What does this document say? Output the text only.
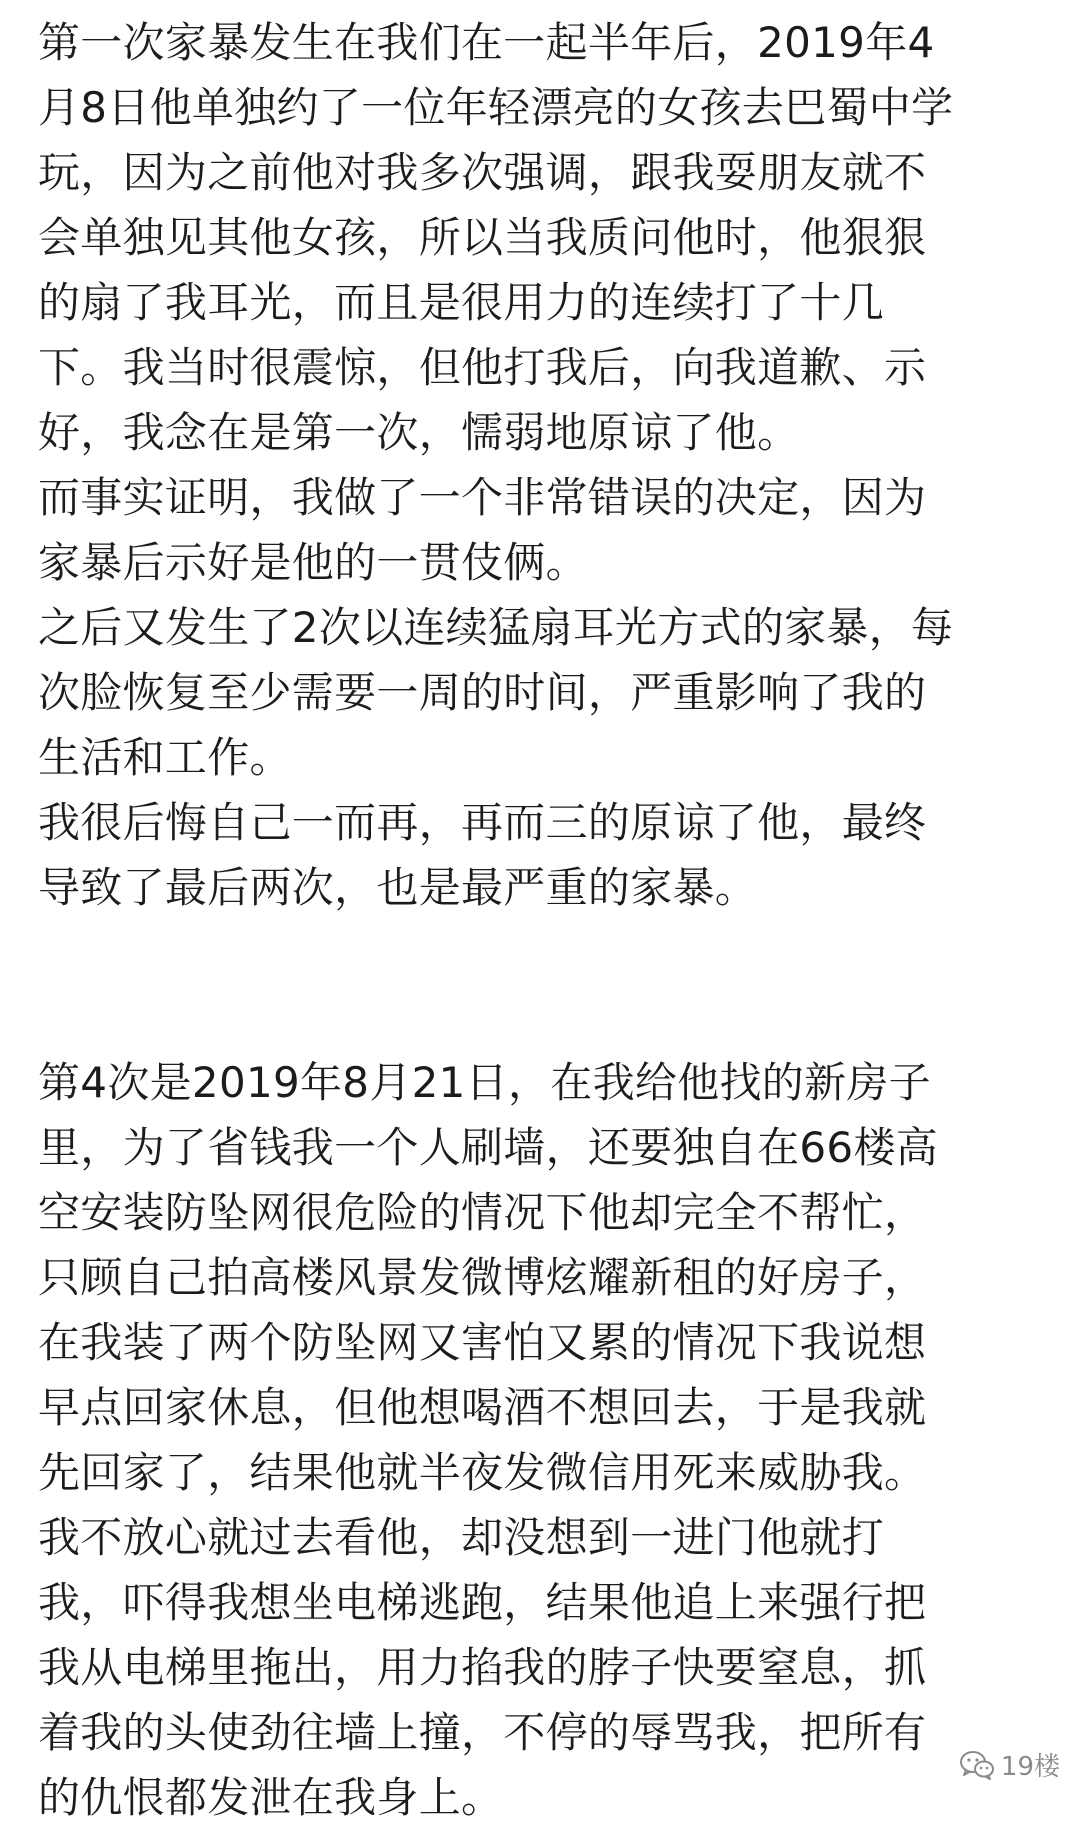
第一次家暴发生在我们在一起半年后，2019年4
月8日他单独约了一位年轻漂亮的女孩去巴蜀中学
玩，因为之前他对我多次强调，跟我耍朋友就不
会单独见其他女孩，所以当我质问他时，他狠狠
的扇了我耳光，而且是很用力的连续打了十几
下。我当时很震惊，但他打我后，向我道歉、示
好，我念在是第一次，懦弱地原谅了他。

而事实证明，我做了一个非常错误的决定，因为
家暴后示好是他的一贯伎俩。

之后又发生了2次以连续猛扇耳光方式的家暴，每
次脸恢复至少需要一周的时间，严重影响了我的
生活和工作。

我很后悔自己一而再，再而三的原谅了他，最终
导致了最后两次，也是最严重的家暴。

第4次是2019年8月21日，在我给他找的新房子
里，为了省钱我一个人刷墙，还要独自在66楼高
空安装防坠网很危险的情况下他却完全不帮忙，
只顾自己拍高楼风景发微博炫耀新租的好房子，
在我装了两个防坠网又害怕又累的情况下我说想
早点回家休息，但他想喝酒不想回去，于是我就
先回家了，结果他就半夜发微信用死来威胁我。
我不放心就过去看他，却没想到一进门他就打
我，吓得我想坐电梯逃跑，结果他追上来强行把
我从电梯里拖出，用力掐我的脖子快要窒息，抓
着我的头使劲往墙上撞，不停的辱骂我，把所有
的仇恨都发泄在我身上。

19楼
